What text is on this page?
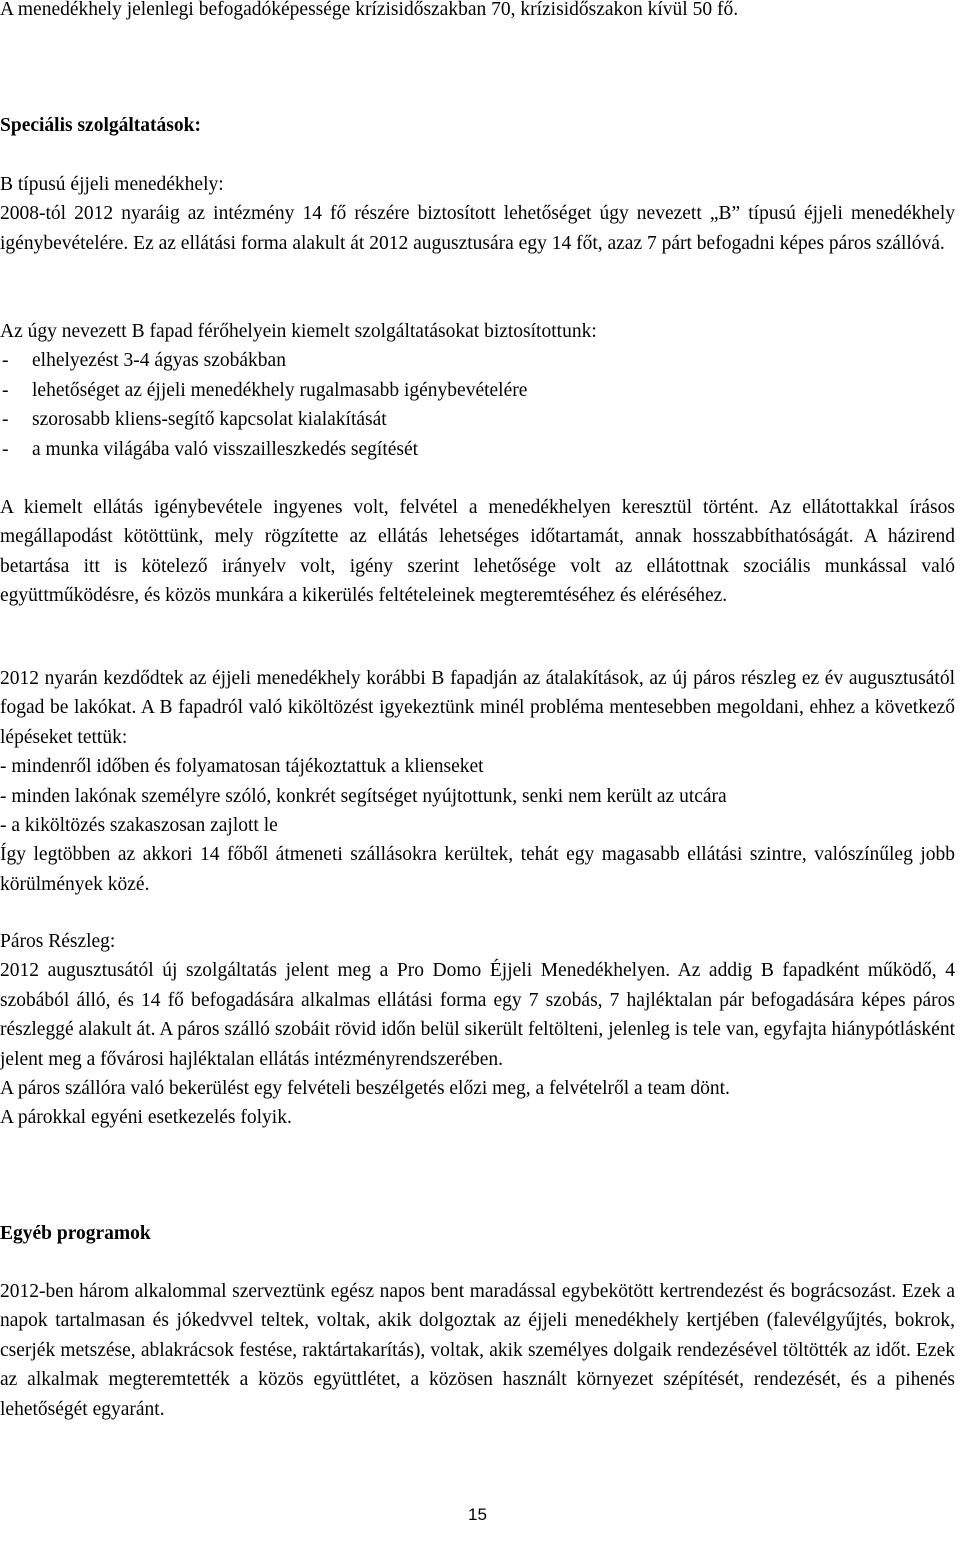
A menedékhely jelenlegi befogadóképessége krízisidőszakban 70, krízisidőszakon kívül 50 fő.

Speciális szolgáltatások:

B típusú éjjeli menedékhely:

2008-tól 2012 nyaráig az intézmény 14 fő részére biztosított lehetőséget úgy nevezett „B” típusú éjjeli menedékhely igénybevételére. Ez az ellátási forma alakult át 2012 augusztusára egy 14 főt, azaz 7 párt befogadni képes páros szállóvá.

Az úgy nevezett B fapad férőhelyein kiemelt szolgáltatásokat biztosítottunk:

-	elhelyezést 3-4 ágyas szobákban
-	lehetőséget az éjjeli menedékhely rugalmasabb igénybevételére
-	szorosabb kliens-segítő kapcsolat kialakítását
-	a munka világába való visszailleszkedés segítését

A kiemelt ellátás igénybevétele ingyenes volt, felvétel a menedékhelyen keresztül történt. Az ellátottakkal írásos megállapodást kötöttünk, mely rögzítette az ellátás lehetséges időtartamát, annak hosszabbíthatóságát. A házirend betartása itt is kötelező irányelv volt, igény szerint lehetősége volt az ellátottnak szociális munkással való együttműködésre, és közös munkára a kikerülés feltételeinek megteremtéséhez és eléréséhez.

2012 nyarán kezdődtek az éjjeli menedékhely korábbi B fapadján az átalakítások, az új páros részleg ez év augusztusától fogad be lakókat. A B fapadról való kiköltözést igyekeztünk minél probléma mentesebben megoldani, ehhez a következő lépéseket tettük:

- mindenről időben és folyamatosan tájékoztattuk a klienseket

- minden lakónak személyre szóló, konkrét segítséget nyújtottunk, senki nem került az utcára

- a kiköltözés szakaszosan zajlott le

Így legtöbben az akkori 14 főből átmeneti szállásokra kerültek, tehát egy magasabb ellátási szintre, valószínűleg jobb körülmények közé.

Páros Részleg:

2012 augusztusától új szolgáltatás jelent meg a Pro Domo Éjjeli Menedékhelyen. Az addig B fapadként működő, 4 szobából álló, és 14 fő befogadására alkalmas ellátási forma egy 7 szobás, 7 hajléktalan pár befogadására képes páros részleggé alakult át. A páros szálló szobáit rövid időn belül sikerült feltölteni, jelenleg is tele van, egyfajta hiánypótlásként jelent meg a fővárosi hajléktalan ellátás intézményrendszerében.

A páros szállóra való bekerülést egy felvételi beszélgetés előzi meg, a felvételről a team dönt.

A párokkal egyéni esetkezelés folyik.

Egyéb programok

2012-ben három alkalommal szerveztünk egész napos bent maradással egybekötött kertrendezést és bográcsozást. Ezek a napok tartalmasan és jókedvvel teltek, voltak, akik dolgoztak az éjjeli menedékhely kertjében (falevélgyűjtés, bokrok, cserjék metszése, ablakrácsok festése, raktártakarítás), voltak, akik személyes dolgaik rendezésével töltötték az időt. Ezek az alkalmak megteremtették a közös együttlétet, a közösen használt környezet szépítését, rendezését, és a pihenés lehetőségét egyaránt.

15
